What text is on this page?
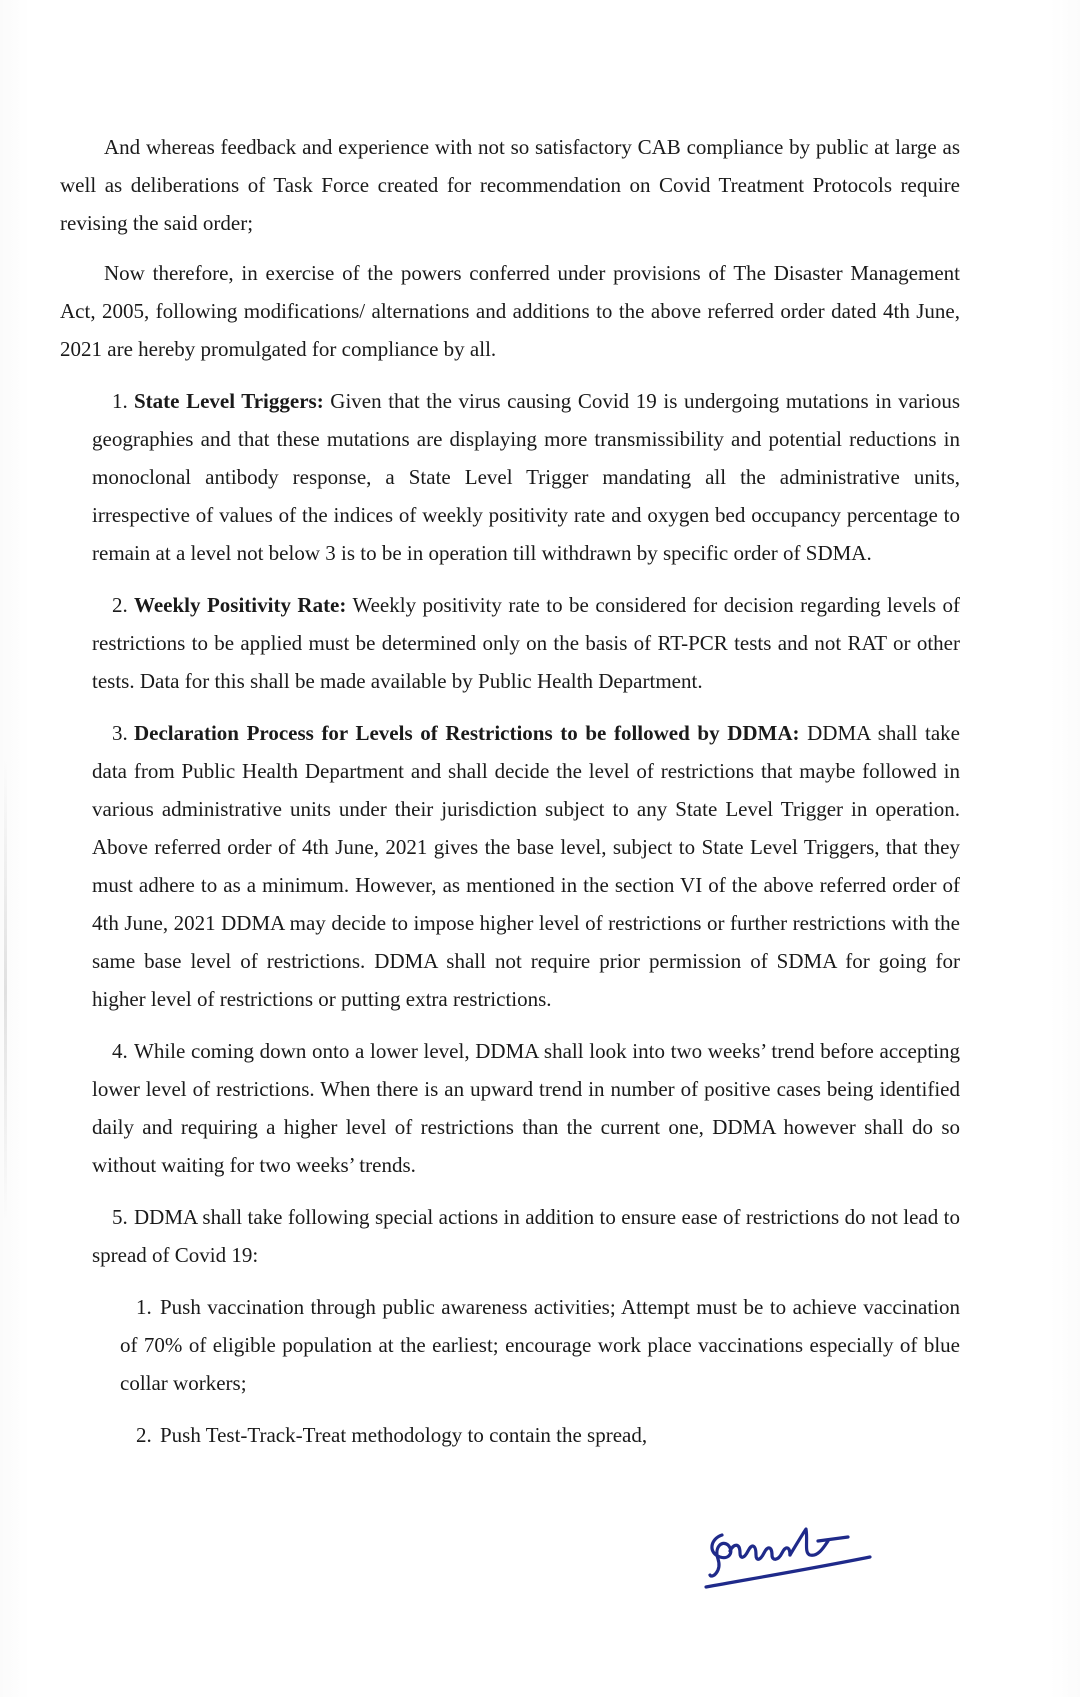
And whereas feedback and experience with not so satisfactory CAB compliance by public at large as well as deliberations of Task Force created for recommendation on Covid Treatment Protocols require revising the said order;

Now therefore, in exercise of the powers conferred under provisions of The Disaster Management Act, 2005, following modifications/ alternations and additions to the above referred order dated 4th June, 2021 are hereby promulgated for compliance by all.

1. State Level Triggers: Given that the virus causing Covid 19 is undergoing mutations in various geographies and that these mutations are displaying more transmissibility and potential reductions in monoclonal antibody response, a State Level Trigger mandating all the administrative units, irrespective of values of the indices of weekly positivity rate and oxygen bed occupancy percentage to remain at a level not below 3 is to be in operation till withdrawn by specific order of SDMA.

2. Weekly Positivity Rate: Weekly positivity rate to be considered for decision regarding levels of restrictions to be applied must be determined only on the basis of RT-PCR tests and not RAT or other tests. Data for this shall be made available by Public Health Department.

3. Declaration Process for Levels of Restrictions to be followed by DDMA: DDMA shall take data from Public Health Department and shall decide the level of restrictions that maybe followed in various administrative units under their jurisdiction subject to any State Level Trigger in operation. Above referred order of 4th June, 2021 gives the base level, subject to State Level Triggers, that they must adhere to as a minimum. However, as mentioned in the section VI of the above referred order of 4th June, 2021 DDMA may decide to impose higher level of restrictions or further restrictions with the same base level of restrictions. DDMA shall not require prior permission of SDMA for going for higher level of restrictions or putting extra restrictions.

4. While coming down onto a lower level, DDMA shall look into two weeks’ trend before accepting lower level of restrictions. When there is an upward trend in number of positive cases being identified daily and requiring a higher level of restrictions than the current one, DDMA however shall do so without waiting for two weeks’ trends.

5. DDMA shall take following special actions in addition to ensure ease of restrictions do not lead to spread of Covid 19:

1. Push vaccination through public awareness activities; Attempt must be to achieve vaccination of 70% of eligible population at the earliest; encourage work place vaccinations especially of blue collar workers;

2. Push Test-Track-Treat methodology to contain the spread,
